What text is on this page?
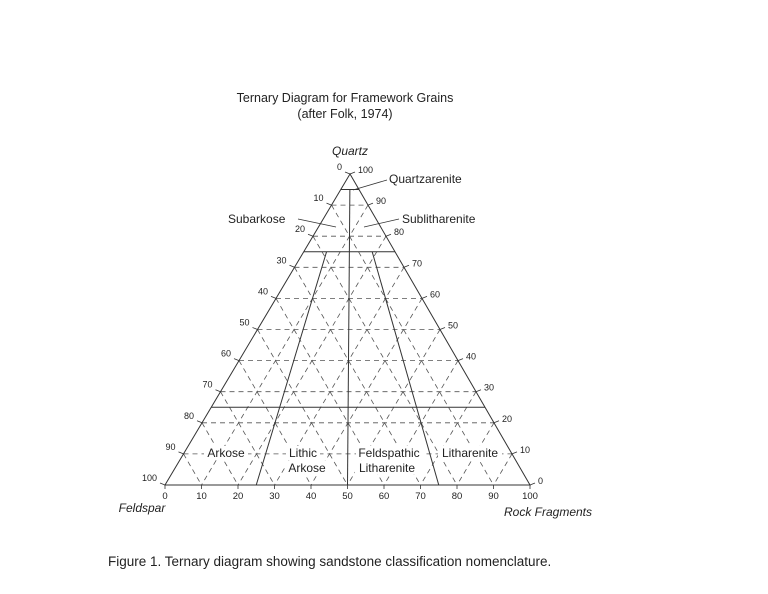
Ternary Diagram for Framework Grains
(after Folk, 1974)
0 100
0
10	90
10
20	80
20
30	70
30
40	60
40
50	50
50
60	40
60
70	30
70
80	20
80
90	10
90
100	0
100
Quartz
Feldspar	Rock Fragments
Quartzarenite
Subarkose	Sublitharenite
Arkose	Lithic
Arkose
Feldspathic
Litharenite
Litharenite
Figure 1. Ternary diagram showing sandstone classification nomenclature.
